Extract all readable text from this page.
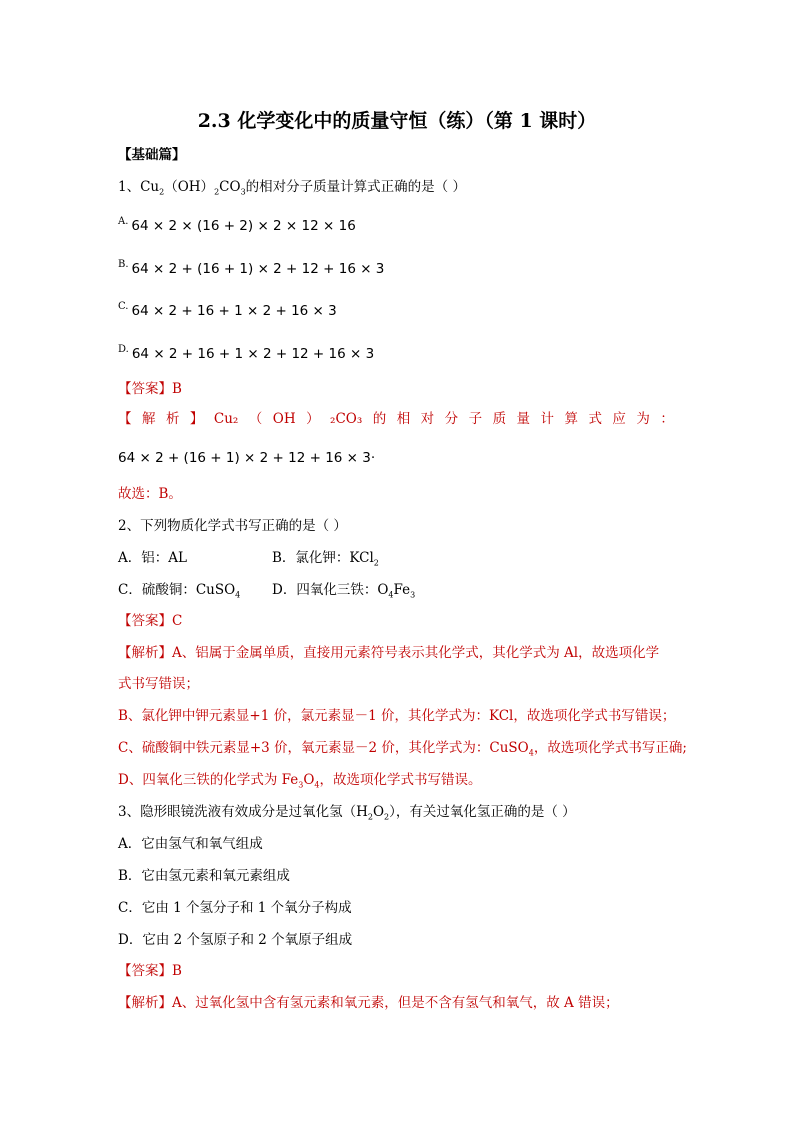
2.3 化学变化中的质量守恒（练）（第 1 课时）
【基础篇】
1、$Cu_2(OH)_2CO_3$的相对分子质量计算式正确的是（ ）
$^{A.}$ 64 × 2 × (16 + 2) × 2 × 12 × 16
$^{B.}$ 64 × 2 + (16 + 1) × 2 + 12 + 16 × 3
$^{C.}$ 64 × 2 + 16 + 1 × 2 + 16 × 3
$^{D.}$ 64 × 2 + 16 + 1 × 2 + 12 + 16 × 3
【答案】B
【 解 析 】 Cu₂ （ OH ） ₂CO₃ 的 相 对 分 子 质 量 计 算 式 应 为 ：
64 × 2 + (16 + 1) × 2 + 12 + 16 × 3·
故选：B。
2、下列物质化学式书写正确的是（ ）
A．铝：AL	B．氯化钾：KCl$_2$
C．硫酸铜：CuSO$_4$ D．四氧化三铁：$O_4Fe_3$
【答案】C
【解析】A、铝属于金属单质，直接用元素符号表示其化学式，其化学式为 Al，故选项化学
式书写错误；
B、氯化钾中钾元素显+1 价，氯元素显－1 价，其化学式为：KCl，故选项化学式书写错误；
C、硫酸铜中铁元素显+3 价，氧元素显－2 价，其化学式为：CuSO$_4$，故选项化学式书写正确;
D、四氧化三铁的化学式为 $Fe_3O_4$，故选项化学式书写错误。
3、隐形眼镜洗液有效成分是过氧化氢$(H_2O_2)$，有关过氧化氢正确的是（ ）
A．它由氢气和氧气组成
B．它由氢元素和氧元素组成
C．它由 1 个氢分子和 1 个氧分子构成
D．它由 2 个氢原子和 2 个氧原子组成
【答案】B
【解析】A、过氧化氢中含有氢元素和氧元素，但是不含有氢气和氧气，故 A 错误；
